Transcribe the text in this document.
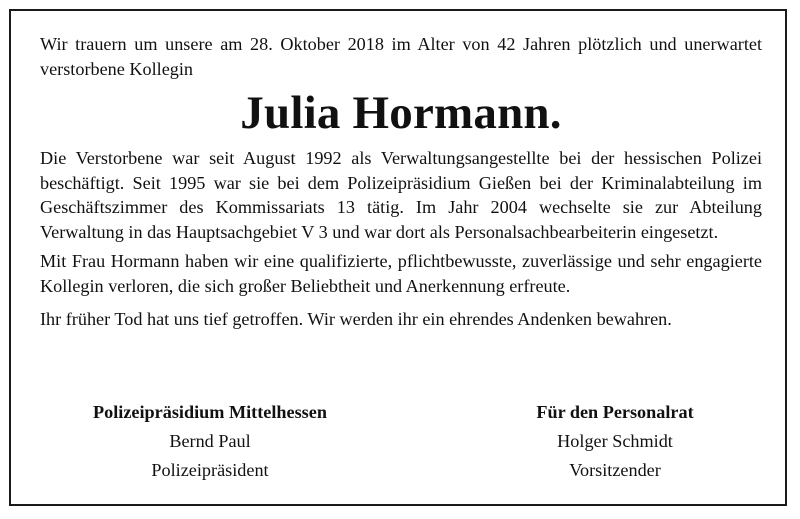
Wir trauern um unsere am 28. Oktober 2018 im Alter von 42 Jahren plötzlich und unerwartet verstorbene Kollegin

Julia Hormann.

Die Verstorbene war seit August 1992 als Verwaltungsangestellte bei der hessischen Polizei beschäftigt. Seit 1995 war sie bei dem Polizeipräsidium Gießen bei der Kriminalabteilung im Geschäftszimmer des Kommissariats 13 tätig. Im Jahr 2004 wechselte sie zur Abteilung Verwaltung in das Hauptsachgebiet V 3 und war dort als Personalsachbearbeiterin eingesetzt.

Mit Frau Hormann haben wir eine qualifizierte, pflichtbewusste, zuverlässige und sehr engagierte Kollegin verloren, die sich großer Beliebtheit und Anerkennung erfreute.

Ihr früher Tod hat uns tief getroffen. Wir werden ihr ein ehrendes Andenken bewahren.

Polizeipräsidium Mittelhessen
Bernd Paul
Polizeipräsident
Für den Personalrat
Holger Schmidt
Vorsitzender
